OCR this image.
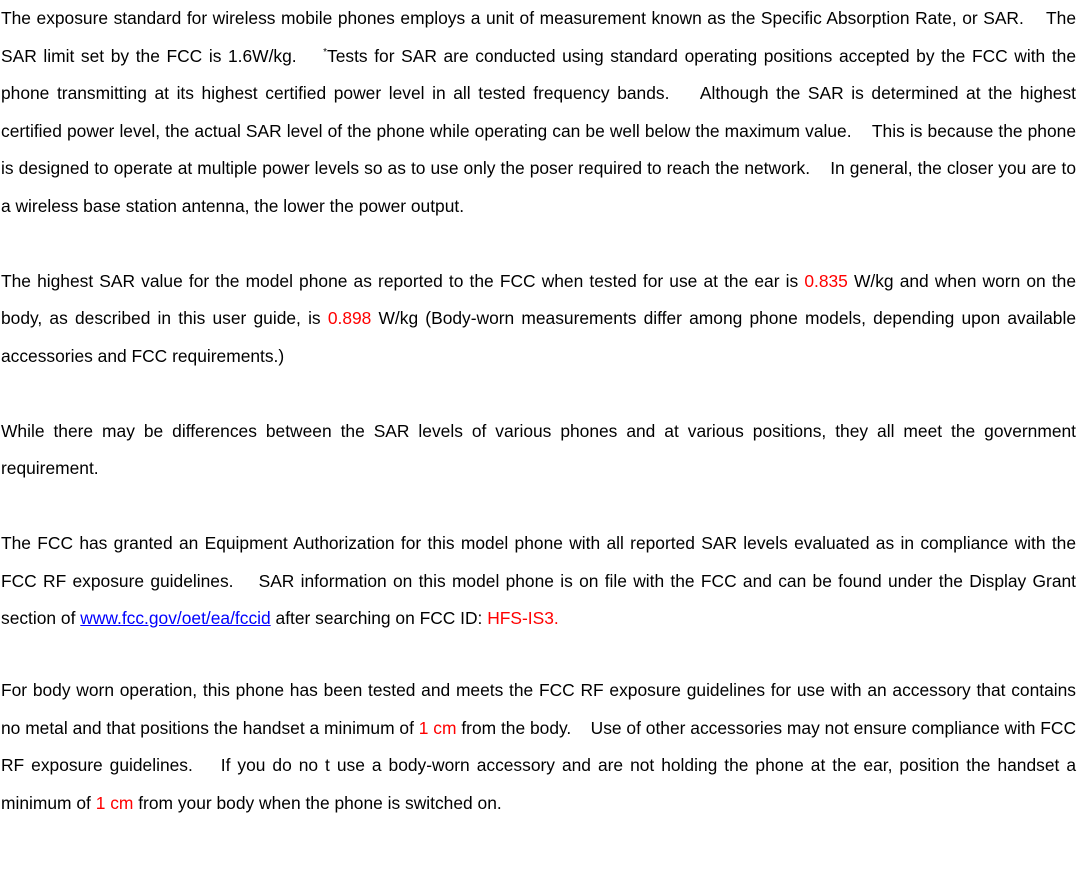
The exposure standard for wireless mobile phones employs a unit of measurement known as the Specific Absorption Rate, or SAR. The SAR limit set by the FCC is 1.6W/kg.	*Tests for SAR are conducted using standard operating positions accepted by the FCC with the phone transmitting at its highest certified power level in all tested frequency bands. Although the SAR is determined at the highest certified power level, the actual SAR level of the phone while operating can be well below the maximum value. This is because the phone is designed to operate at multiple power levels so as to use only the poser required to reach the network. In general, the closer you are to a wireless base station antenna, the lower the power output.

The highest SAR value for the model phone as reported to the FCC when tested for use at the ear is 0.835 W/kg and when worn on the body, as described in this user guide, is 0.898 W/kg (Body-worn measurements differ among phone models, depending upon available accessories and FCC requirements.)

While there may be differences between the SAR levels of various phones and at various positions, they all meet the government requirement.

The FCC has granted an Equipment Authorization for this model phone with all reported SAR levels evaluated as in compliance with the FCC RF exposure guidelines. SAR information on this model phone is on file with the FCC and can be found under the Display Grant section of www.fcc.gov/oet/ea/fccid after searching on FCC ID: HFS-IS3.

For body worn operation, this phone has been tested and meets the FCC RF exposure guidelines for use with an accessory that contains no metal and that positions the handset a minimum of 1 cm from the body. Use of other accessories may not ensure compliance with FCC RF exposure guidelines. If you do no t use a body-worn accessory and are not holding the phone at the ear, position the handset a minimum of 1 cm from your body when the phone is switched on.
